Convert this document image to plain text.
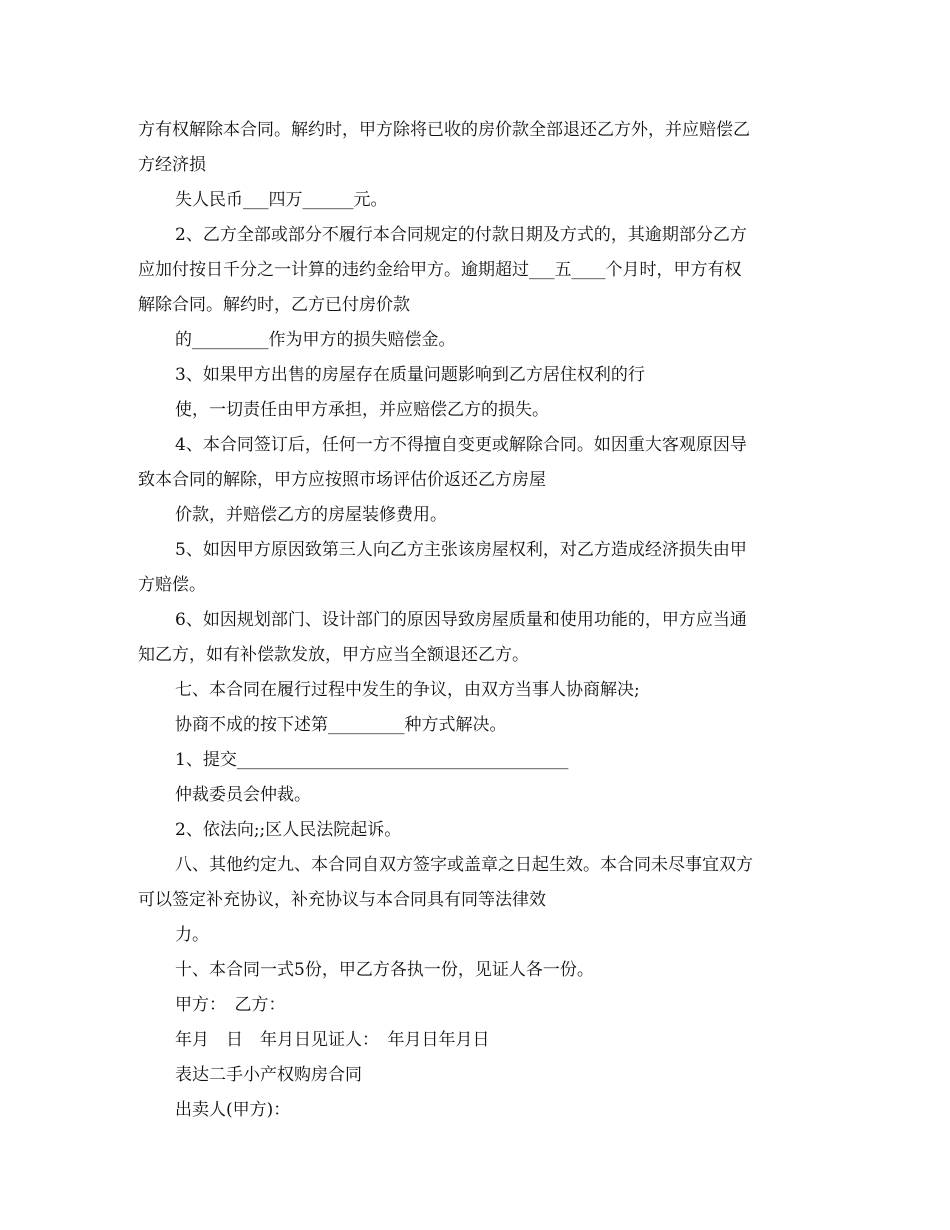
方有权解除本合同。解约时，甲方除将已收的房价款全部退还乙方外，并应赔偿乙
方经济损
失人民币___四万______元。
2、乙方全部或部分不履行本合同规定的付款日期及方式的，其逾期部分乙方
应加付按日千分之一计算的违约金给甲方。逾期超过___五____个月时，甲方有权
解除合同。解约时，乙方已付房价款
的_________作为甲方的损失赔偿金。
3、如果甲方出售的房屋存在质量问题影响到乙方居住权利的行
使，一切责任由甲方承担，并应赔偿乙方的损失。
4、本合同签订后，任何一方不得擅自变更或解除合同。如因重大客观原因导
致本合同的解除，甲方应按照市场评估价返还乙方房屋
价款，并赔偿乙方的房屋装修费用。
5、如因甲方原因致第三人向乙方主张该房屋权利，对乙方造成经济损失由甲
方赔偿。
6、如因规划部门、设计部门的原因导致房屋质量和使用功能的，甲方应当通
知乙方，如有补偿款发放，甲方应当全额退还乙方。
七、本合同在履行过程中发生的争议，由双方当事人协商解决;
协商不成的按下述第_________种方式解决。
1、提交_______________________________________
仲裁委员会仲裁。
2、依法向;;区人民法院起诉。
八、其他约定九、本合同自双方签字或盖章之日起生效。本合同未尽事宜双方
可以签定补充协议，补充协议与本合同具有同等法律效
力。
十、本合同一式5份，甲乙方各执一份，见证人各一份。
甲方：　乙方：
年月　日　年月日见证人：　年月日年月日
表达二手小产权购房合同
出卖人(甲方)：
